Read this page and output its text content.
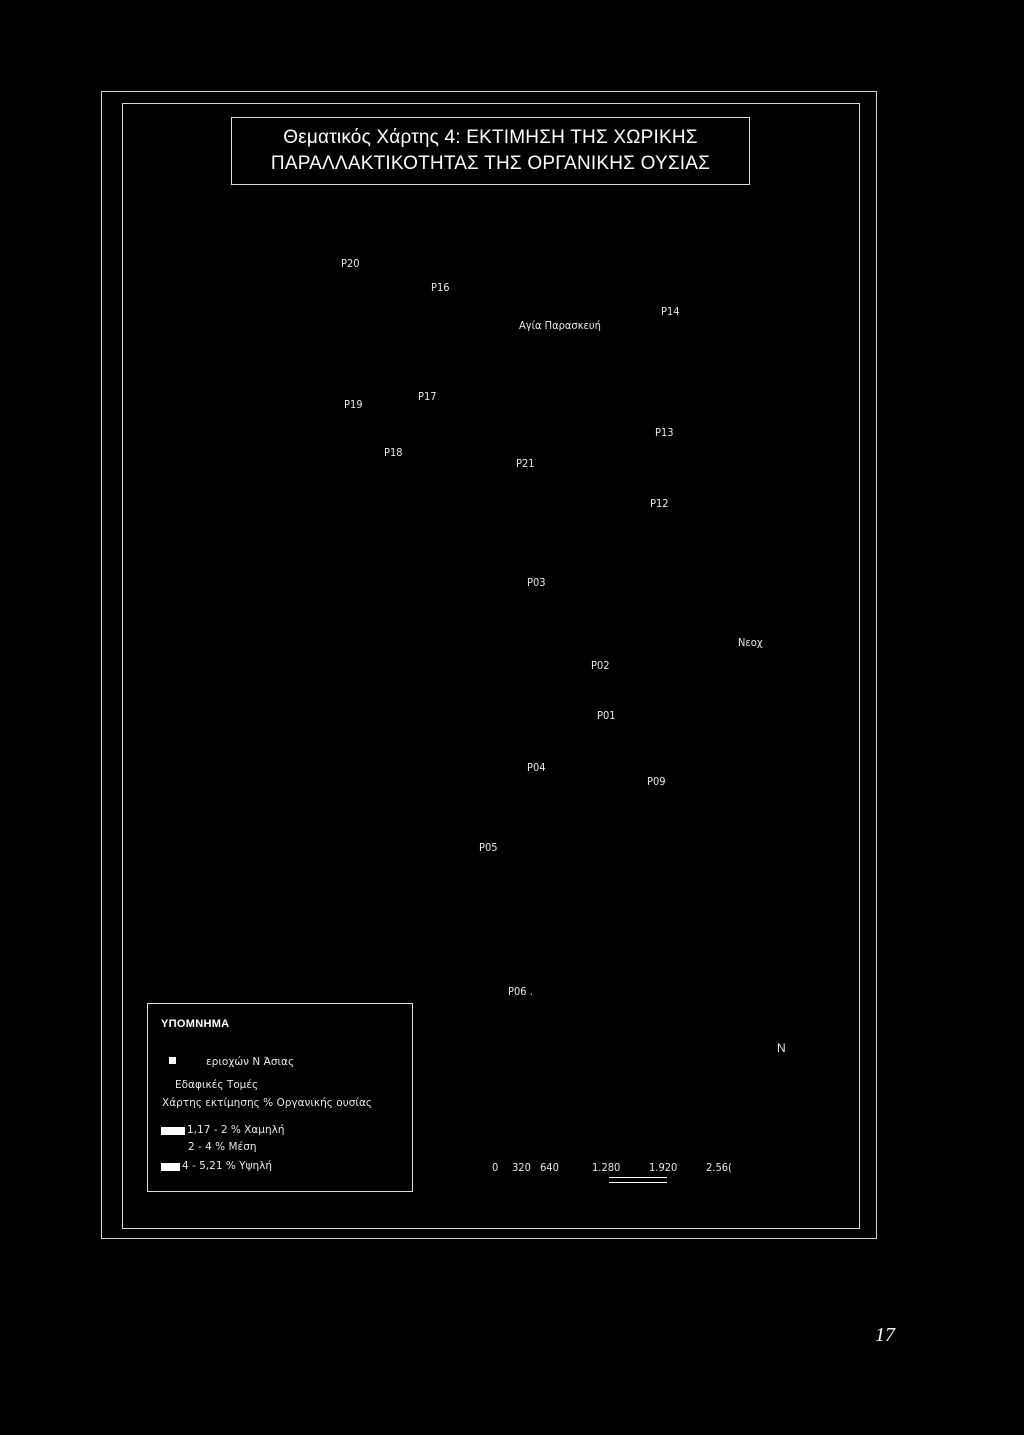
Θεματικός Χάρτης 4: ΕΚΤΙΜΗΣΗ ΤΗΣ ΧΩΡΙΚΗΣ
ΠΑΡΑΛΛΑΚΤΙΚΟΤΗΤΑΣ ΤΗΣ ΟΡΓΑΝΙΚΗΣ ΟΥΣΙΑΣ
P20
P16
Αγία Παρασκευή
P14
P19
P17
P18
P21
P13
P12
P03
Νεοχ
P02
P01
P04
P09
P05
P06 .
ΥΠΟΜΝΗΜΑ
εριοχών Ν Άσιας
Εδαφικές Τομές
Χάρτης εκτίμησης % Οργανικής ουσίας
1,17 - 2 % Χαμηλή
2 - 4 % Μέση
4 - 5,21 % Υψηλή	0 320 640	1.280	1.920	2.56(
N
17
